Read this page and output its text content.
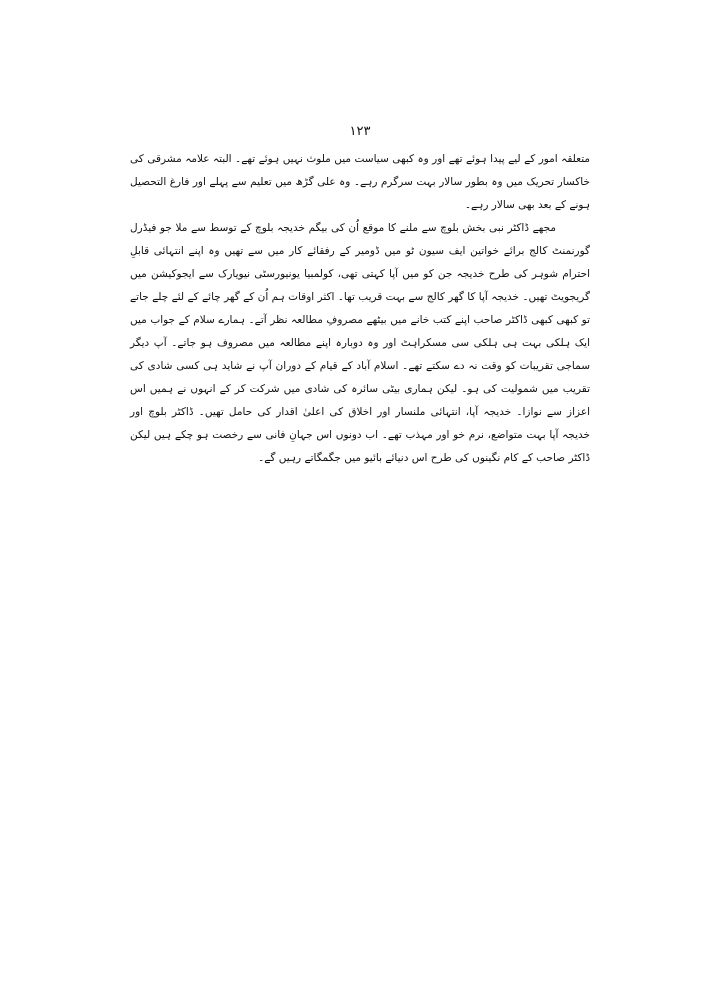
۱۲۳

متعلقہ امور کے لیے پیدا ہوئے تھے اور وہ کبھی سیاست میں ملوث نہیں ہوئے تھے۔ البتہ علامہ مشرقی کی خاکسار تحریک میں وہ بطور سالار بہت سرگرم رہے۔ وہ علی گڑھ میں تعلیم سے پہلے اور فارغ التحصیل ہونے کے بعد بھی سالار رہے۔

مجھے ڈاکٹر نبی بخش بلوچ سے ملنے کا موقع اُن کی بیگم خدیجہ بلوچ کے توسط سے ملا جو فیڈرل گورنمنٹ کالج برائے خواتین ایف سیون ٹو میں ڈومیر کے رفقائے کار میں سے تھیں وہ اپنے انتہائی قابلِ احترام شوہر کی طرح خدیجہ جن کو میں آپا کہتی تھی، کولمبیا یونیورسٹی نیویارک سے ایجوکیشن میں گریجویٹ تھیں۔ خدیجہ آپا کا گھر کالج سے بہت قریب تھا۔ اکثر اوقات ہم اُن کے گھر چائے کے لئے چلے جاتے تو کبھی کبھی ڈاکٹر صاحب اپنے کتب خانے میں بیٹھے مصروفِ مطالعہ نظر آتے۔ ہمارے سلام کے جواب میں ایک ہلکی بہت ہی ہلکی سی مسکراہٹ اور وہ دوبارہ اپنے مطالعہ میں مصروف ہو جاتے۔ آپ دیگر سماجی تقریبات کو وقت نہ دے سکتے تھے۔ اسلام آباد کے قیام کے دوران آپ نے شاید ہی کسی شادی کی تقریب میں شمولیت کی ہو۔ لیکن ہماری بیٹی سائرہ کی شادی میں شرکت کر کے انہوں نے ہمیں اس اعزاز سے نوازا۔ خدیجہ آپا، انتہائی ملنسار اور اخلاق کی اعلیٰ اقدار کی حامل تھیں۔ ڈاکٹر بلوچ اور خدیجہ آپا بہت متواضع، نرم خو اور مہذب تھے۔ اب دونوں اس جہانِ فانی سے رخصت ہو چکے ہیں لیکن ڈاکٹر صاحب کے کام نگینوں کی طرح اس دنیائے بائیو میں جگمگاتے رہیں گے۔
